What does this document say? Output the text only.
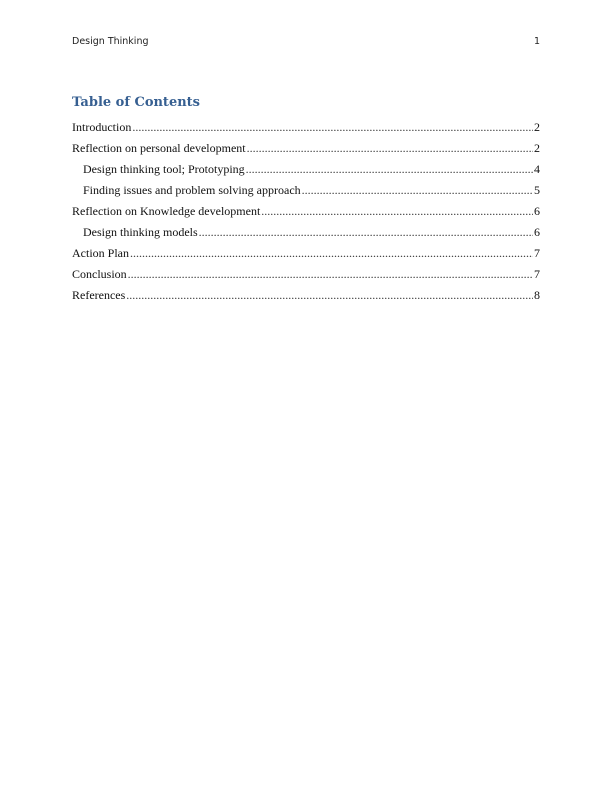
Design Thinking	1
Table of Contents
Introduction .....	2
Reflection on personal development .....	2
Design thinking tool; Prototyping .....	4
Finding issues and problem solving approach .....	5
Reflection on Knowledge development .....	6
Design thinking models .....	6
Action Plan .....	7
Conclusion .....	7
References .....	8
